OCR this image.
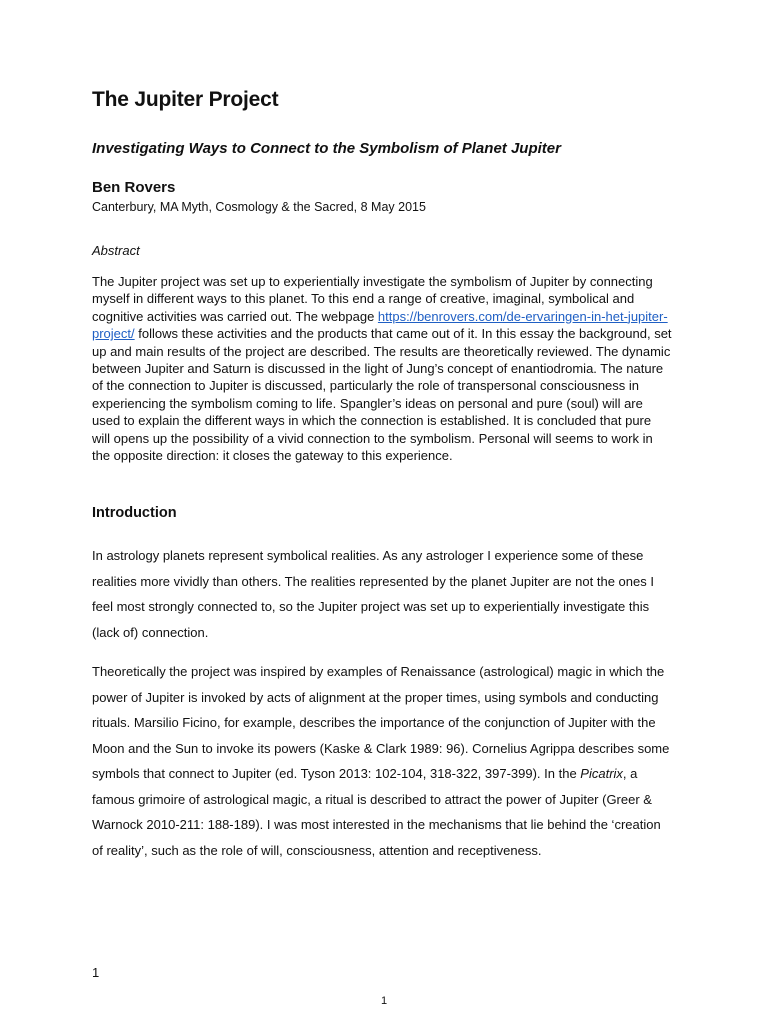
The Jupiter Project

Investigating Ways to Connect to the Symbolism of Planet Jupiter

Ben Rovers

Canterbury, MA Myth, Cosmology & the Sacred, 8 May 2015

Abstract

The Jupiter project was set up to experientially investigate the symbolism of Jupiter by connecting myself in different ways to this planet. To this end a range of creative, imaginal, symbolical and cognitive activities was carried out. The webpage https://benrovers.com/de-ervaringen-in-het-jupiter-project/ follows these activities and the products that came out of it. In this essay the background, set up and main results of the project are described. The results are theoretically reviewed. The dynamic between Jupiter and Saturn is discussed in the light of Jung’s concept of enantiodromia. The nature of the connection to Jupiter is discussed, particularly the role of transpersonal consciousness in experiencing the symbolism coming to life. Spangler’s ideas on personal and pure (soul) will are used to explain the different ways in which the connection is established. It is concluded that pure will opens up the possibility of a vivid connection to the symbolism. Personal will seems to work in the opposite direction: it closes the gateway to this experience.

Introduction

In astrology planets represent symbolical realities. As any astrologer I experience some of these realities more vividly than others. The realities represented by the planet Jupiter are not the ones I feel most strongly connected to, so the Jupiter project was set up to experientially investigate this (lack of) connection.

Theoretically the project was inspired by examples of Renaissance (astrological) magic in which the power of Jupiter is invoked by acts of alignment at the proper times, using symbols and conducting rituals. Marsilio Ficino, for example, describes the importance of the conjunction of Jupiter with the Moon and the Sun to invoke its powers (Kaske & Clark 1989: 96). Cornelius Agrippa describes some symbols that connect to Jupiter (ed. Tyson 2013: 102-104, 318-322, 397-399). In the Picatrix, a famous grimoire of astrological magic, a ritual is described to attract the power of Jupiter (Greer & Warnock 2010-211: 188-189). I was most interested in the mechanisms that lie behind the ‘creation of reality’, such as the role of will, consciousness, attention and receptiveness.

1
1
